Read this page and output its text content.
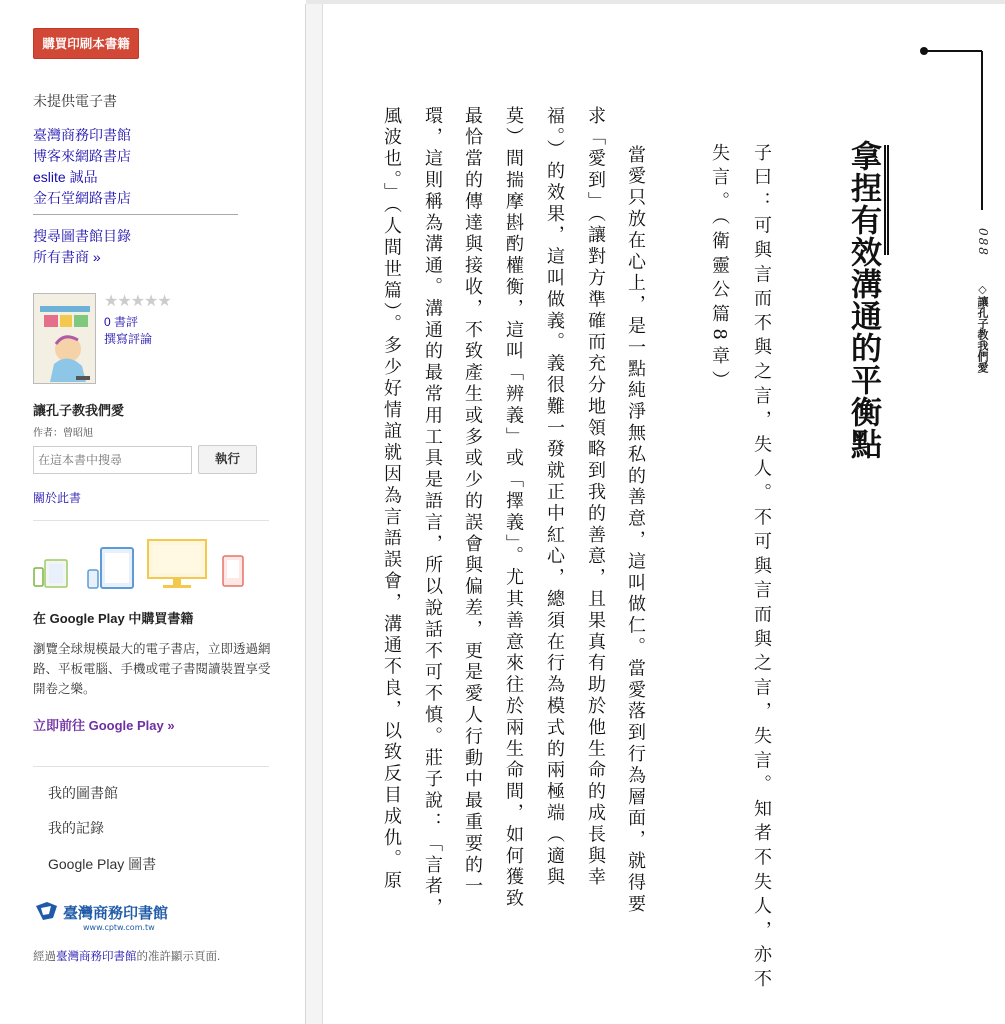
購買印刷本書籍
未提供電子書
臺灣商務印書館
博客來網路書店
eslite 誠品
金石堂網路書店
搜尋圖書館目錄
所有書商 »
★★★★★
0 書評
撰寫評論
讓孔子教我們愛
作者：曾昭旭
在這本書中搜尋
執行
關於此書
在 Google Play 中購買書籍
瀏覽全球規模最大的電子書店，立即透過網路、平板電腦、手機或電子書閱讀裝置享受開卷之樂。
立即前往 Google Play »
我的圖書館
我的記錄
Google Play 圖書
臺灣商務印書館
www.cptw.com.tw
經過臺灣商務印書館的准許顯示頁面.
088
◇讓孔子教我們愛
拿捏有效溝通的平衡點
子曰：可與言而不與之言，失人。不可與言而與之言，失言。知者不失人，亦不
失言。（衛靈公篇8章）
當愛只放在心上，是一點純淨無私的善意，這叫做仁。當愛落到行為層面，就得要
求「愛到」（讓對方準確而充分地領略到我的善意，且果真有助於他生命的成長與幸
福。）的效果，這叫做義。義很難一發就正中紅心，總須在行為模式的兩極端（適與
莫）間揣摩斟酌權衡，這叫「辨義」或「擇義」。尤其善意來往於兩生命間，如何獲致
最恰當的傳達與接收，不致產生或多或少的誤會與偏差，更是愛人行動中最重要的一
環，這則稱為溝通。溝通的最常用工具是語言，所以說話不可不慎。莊子說：「言者，
風波也。」（人間世篇）。多少好情誼就因為言語誤會，溝通不良，以致反目成仇。原
